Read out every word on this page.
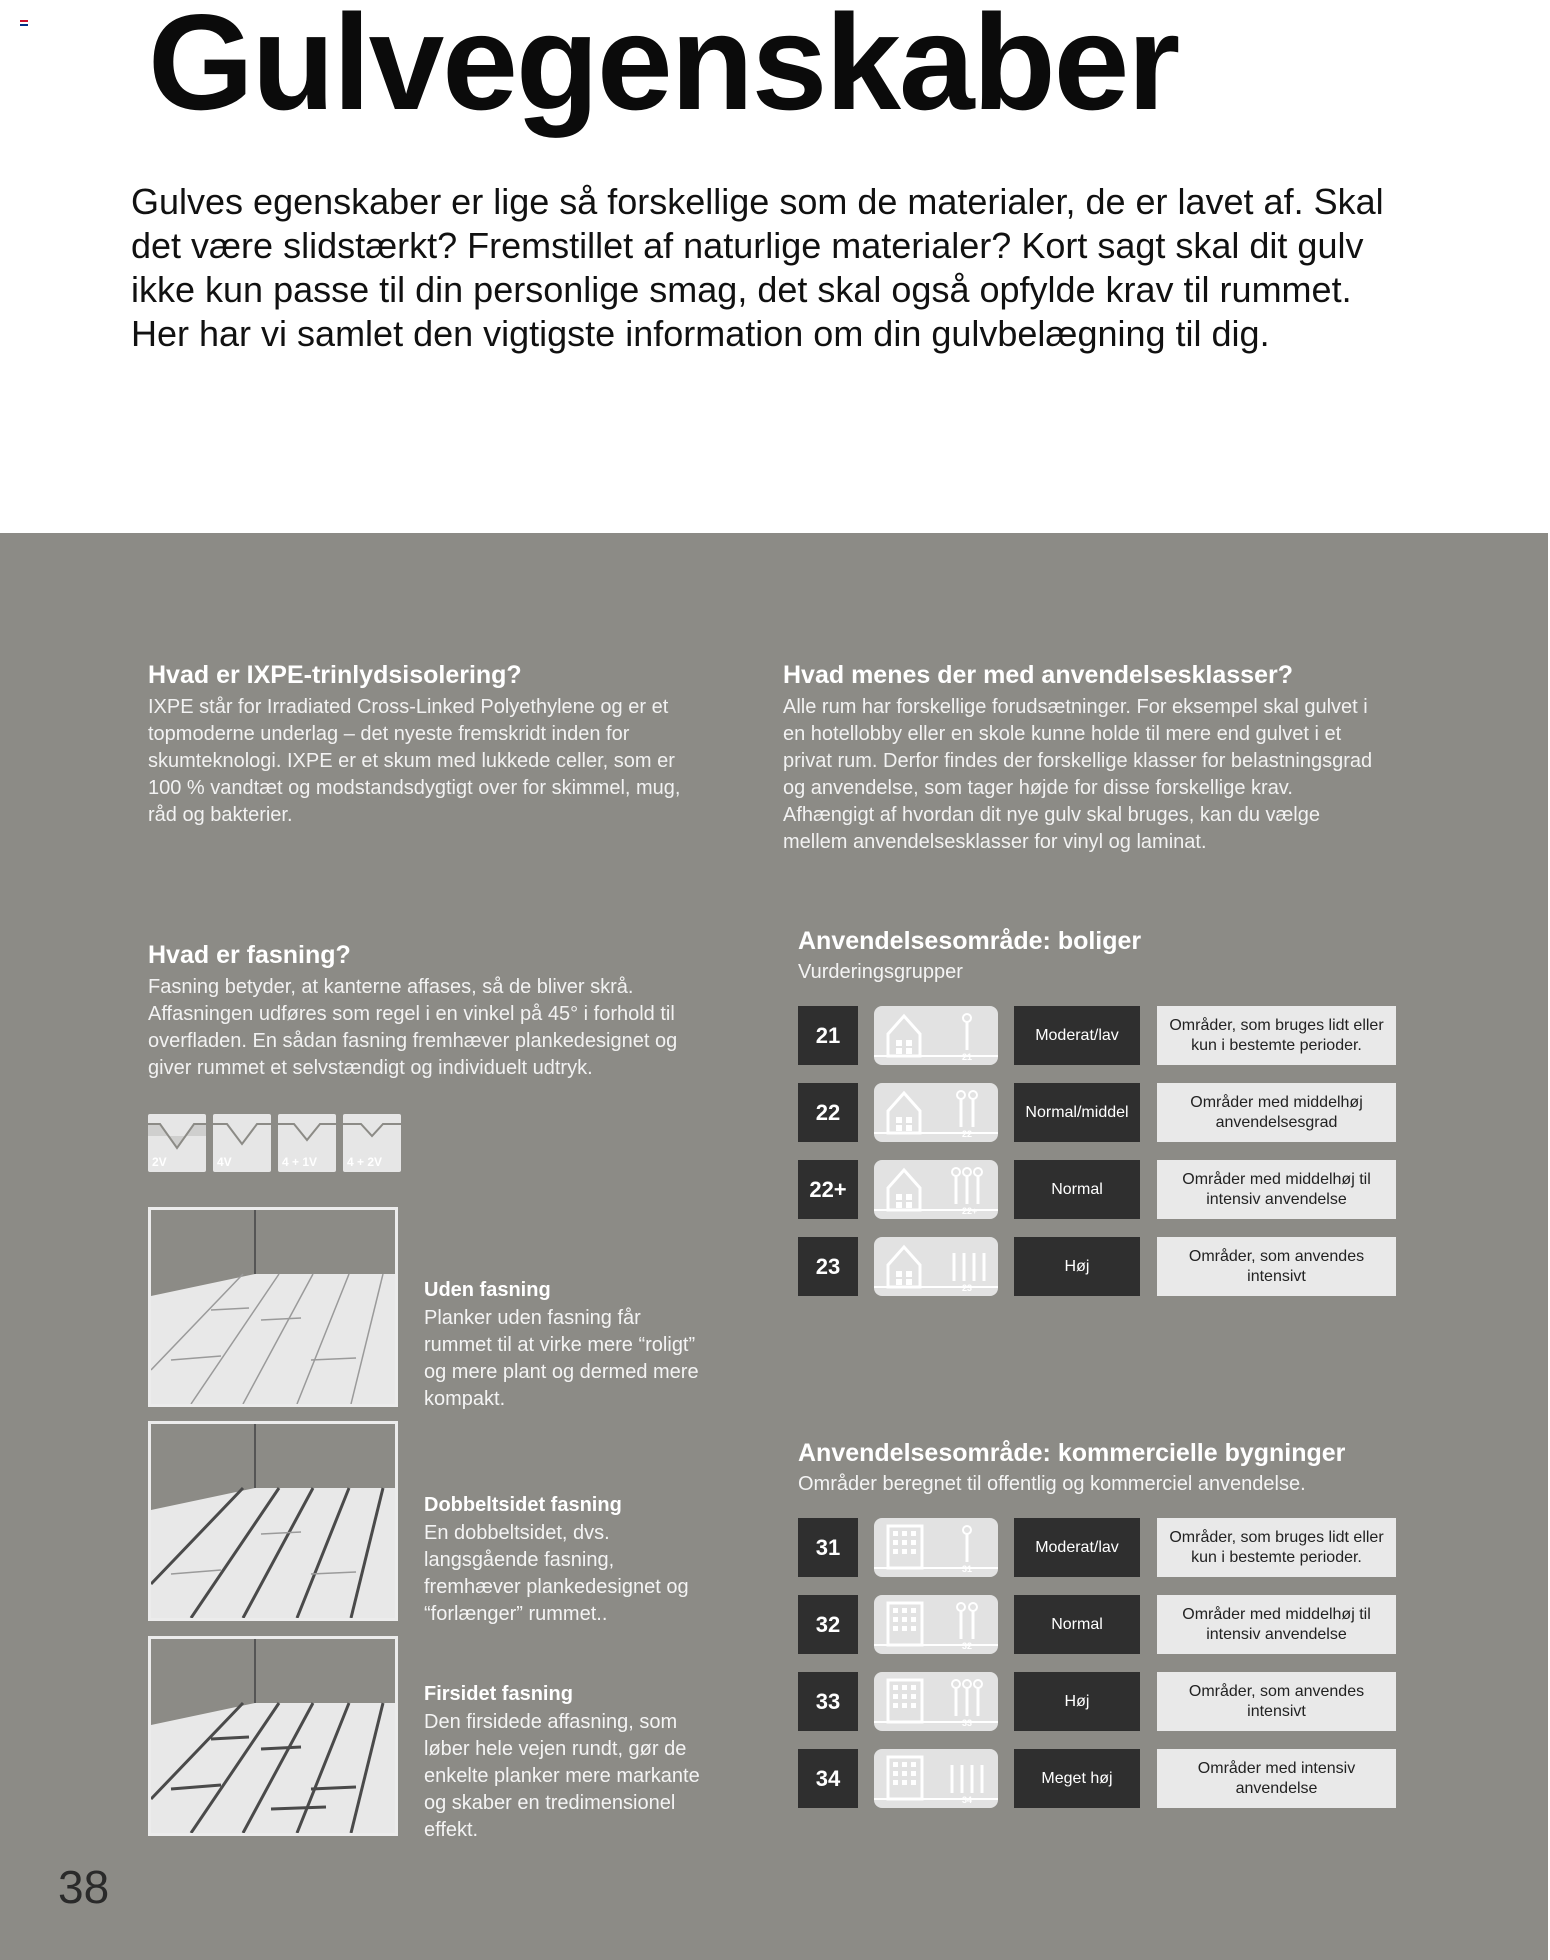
Gulvegenskaber

Gulves egenskaber er lige så forskellige som de materialer, de er lavet af. Skal det være slidstærkt? Fremstillet af naturlige materialer? Kort sagt skal dit gulv ikke kun passe til din personlige smag, det skal også opfylde krav til rummet. Her har vi samlet den vigtigste information om din gulvbelægning til dig.

Hvad er IXPE-trinlydsisolering?

IXPE står for Irradiated Cross-Linked Polyethylene og er et topmoderne underlag – det nyeste fremskridt inden for skumteknologi. IXPE er et skum med lukkede celler, som er 100 % vandtæt og modstandsdygtigt over for skimmel, mug, råd og bakterier.

Hvad menes der med anvendelsesklasser?

Alle rum har forskellige forudsætninger. For eksempel skal gulvet i en hotellobby eller en skole kunne holde til mere end gulvet i et privat rum. Derfor findes der forskellige klasser for belastningsgrad og anvendelse, som tager højde for disse forskellige krav. Afhængigt af hvordan dit nye gulv skal bruges, kan du vælge mellem anvendelsesklasser for vinyl og laminat.

Hvad er fasning?

Fasning betyder, at kanterne affases, så de bliver skrå. Affasningen udføres som regel i en vinkel på 45° i forhold til overfladen. En sådan fasning fremhæver plankedesignet og giver rummet et selvstændigt og individuelt udtryk.

2V	4V	4 + 1V 4 + 2V
Uden fasning

Planker uden fasning får rummet til at virke mere “roligt” og mere plant og dermed mere kompakt.

Dobbeltsidet fasning

En dobbeltsidet, dvs. langsgående fasning, fremhæver plankedesignet og “forlænger” rummet..

Firsidet fasning

Den firsidede affasning, som løber hele vejen rundt, gør de enkelte planker mere markante og skaber en tredimensionel effekt.

Anvendelsesområde: boliger
Vurderingsgrupper
21
21
Moderat/lav
Områder, som bruges lidt eller kun i bestemte perioder.
22
22
Normal/middel
Områder med middelhøj anvendelsesgrad
22+
22+
Normal
Områder med middelhøj til intensiv anvendelse
23
23
Høj
Områder, som anvendes intensivt
Anvendelsesområde: kommercielle bygninger
Områder beregnet til offentlig og kommerciel anvendelse.
31
31
Moderat/lav
Områder, som bruges lidt eller kun i bestemte perioder.
32
32
Normal
Områder med middelhøj til intensiv anvendelse
33
33
Høj
Områder, som anvendes intensivt
34
34
Meget høj
Områder med intensiv anvendelse
38
